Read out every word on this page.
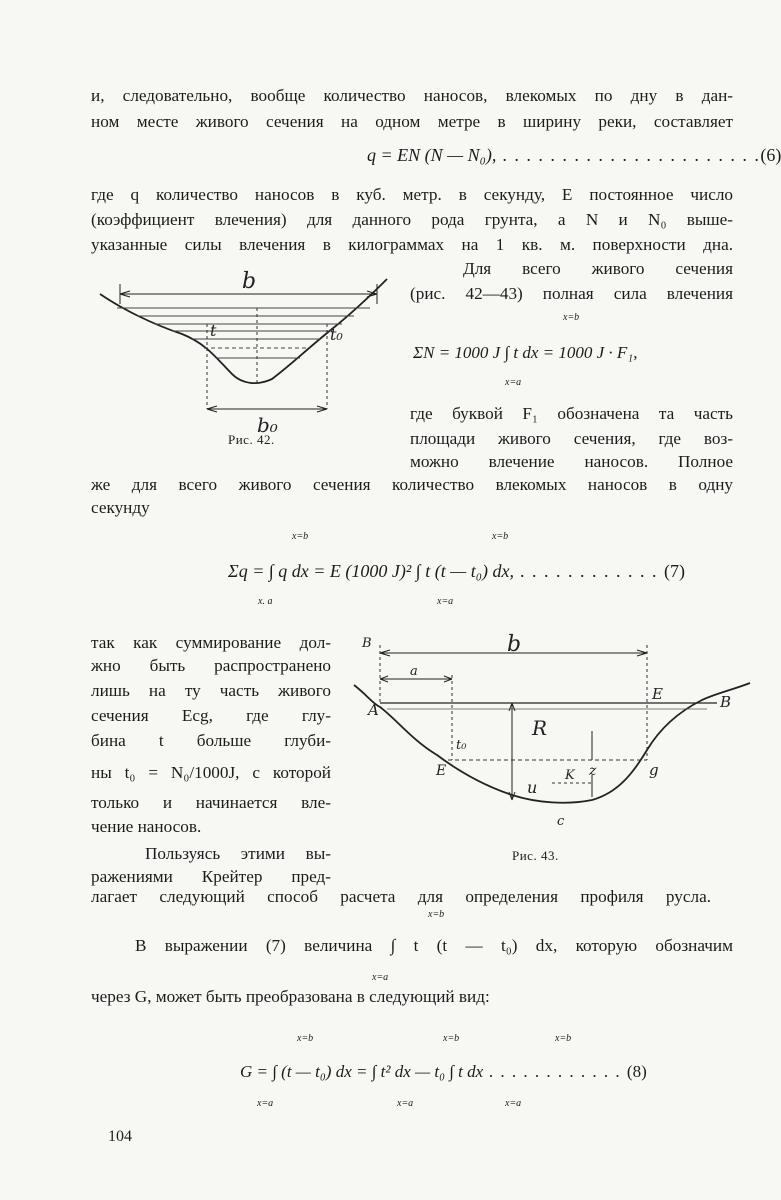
и, следовательно, вообще количество наносов, влекомых по дну в дан-
ном месте живого сечения на одном метре в ширину реки, составляет
q = EN (N — N₀), . . . . . . . . . . . . . . . . . . . . . .(6)
где q количество наносов в куб. метр. в секунду, E постоянное число
(коэффициент влечения) для данного рода грунта, а N и N₀ выше-
указанные силы влечения в килограммах на 1 кв. м. поверхности дна.
b
b₀
t	t₀
Рис. 42.
Для всего живого сечения
(рис. 42—43) полная сила влечения
ΣN = 1000 J ∫ t dx = 1000 J · F₁,
x=b
x=a
где буквой F₁ обозначена та часть
площади живого сечения, где воз-
можно влечение наносов. Полное
же для всего живого сечения количество влекомых наносов в одну
секунду
Σq = ∫ q dx = E (1000 J)² ∫ t (t — t₀) dx, . . . . . . . . . . . . (7)
x=b
x. a
x=b
x=a
так как суммирование дол-
жно быть распространено
лишь на ту часть живого
сечения Ecg, где глу-
бина t больше глуби-
ны t₀ = N₀/1000J, с которой
только и начинается вле-
чение наносов.
Пользуясь этими вы-
ражениями Крейтер пред-
B
a
b
A
E	B
R
t₀
E
u
K z	g
c
Рис. 43.
лагает следующий способ расчета для определения профиля русла.
В выражении (7) величина ∫ t (t — t₀) dx, которую обозначим
x=b
x=a
через G, может быть преобразована в следующий вид:
G = ∫ (t — t₀) dx = ∫ t² dx — t₀ ∫ t dx . . . . . . . . . . . . (8)
x=b
x=a
x=b
x=a
x=b
x=a
104
